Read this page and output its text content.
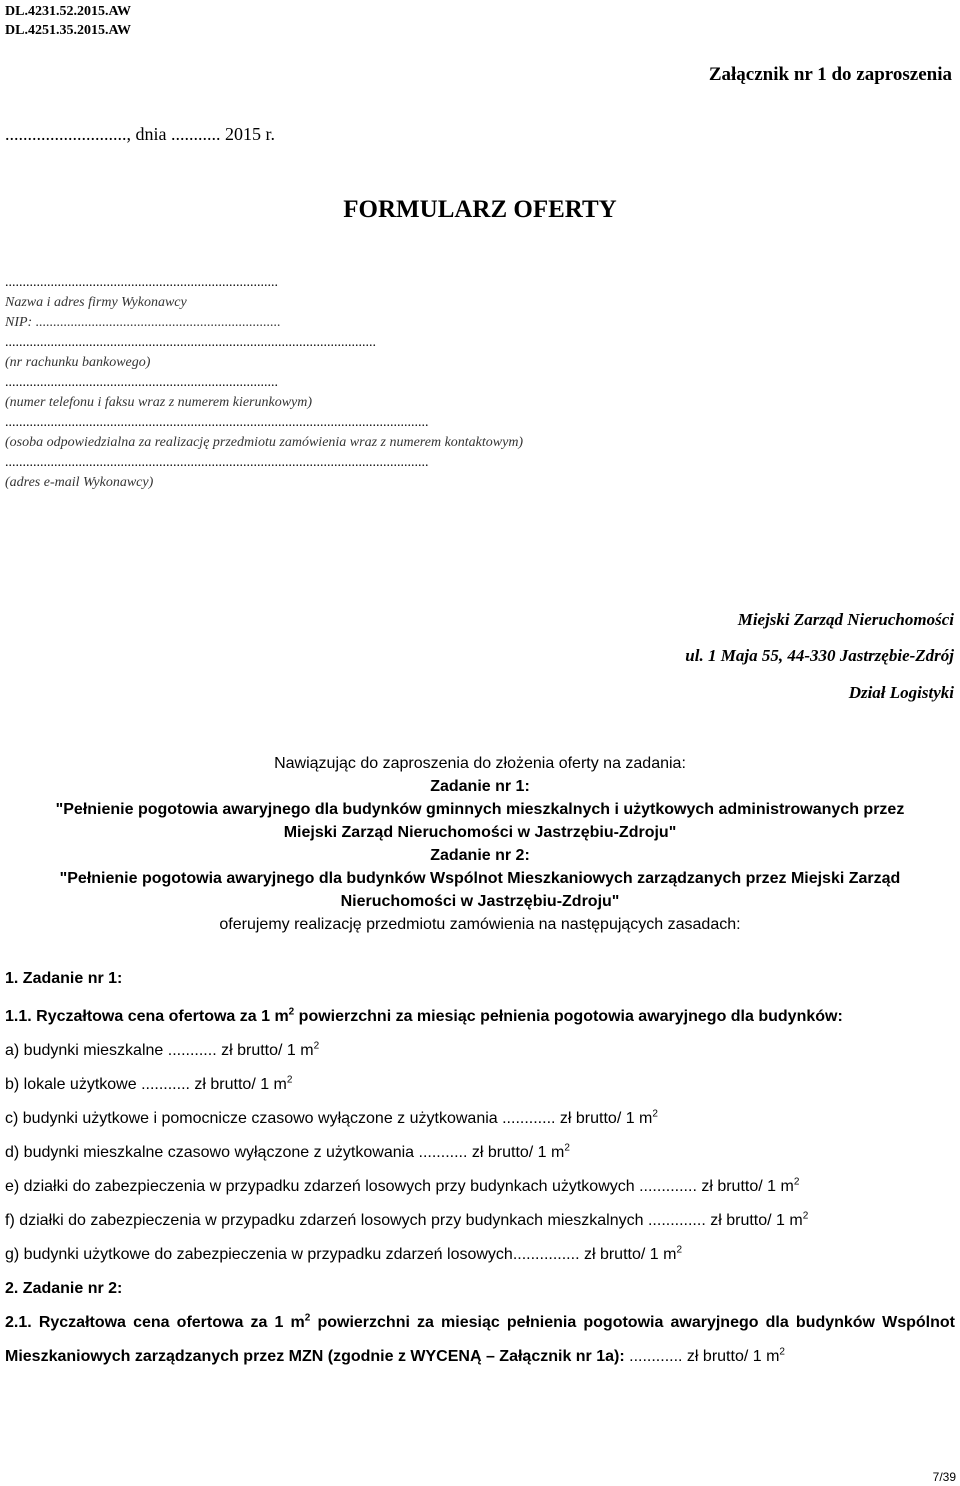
DL.4231.52.2015.AW
DL.4251.35.2015.AW
Załącznik nr 1 do zaproszenia
..........................., dnia ........... 2015 r.
FORMULARZ OFERTY
..............................................................................
Nazwa i adres firmy Wykonawcy
NIP: ......................................................................
..........................................................................................................
(nr rachunku bankowego)
..............................................................................
(numer telefonu i faksu wraz z numerem kierunkowym)
.........................................................................................................................
(osoba odpowiedzialna za realizację przedmiotu zamówienia wraz z numerem kontaktowym)
.........................................................................................................................
(adres e-mail Wykonawcy)
Miejski Zarząd Nieruchomości
ul. 1 Maja 55, 44-330 Jastrzębie-Zdrój
Dział Logistyki
Nawiązując do zaproszenia do złożenia oferty na zadania:
Zadanie nr 1:
"Pełnienie pogotowia awaryjnego dla budynków gminnych mieszkalnych i użytkowych administrowanych przez
Miejski Zarząd Nieruchomości w Jastrzębiu-Zdroju"
Zadanie nr 2:
"Pełnienie pogotowia awaryjnego dla budynków Wspólnot Mieszkaniowych zarządzanych przez Miejski Zarząd
Nieruchomości w Jastrzębiu-Zdroju"
oferujemy realizację przedmiotu zamówienia na następujących zasadach:
1. Zadanie nr 1:
1.1. Ryczałtowa cena ofertowa za 1 $m^2$ powierzchni za miesiąc pełnienia pogotowia awaryjnego dla budynków:
a) budynki mieszkalne ........... zł brutto/ 1 $m^2$
b) lokale użytkowe ........... zł brutto/ 1 $m^2$
c) budynki użytkowe i pomocnicze czasowo wyłączone z użytkowania ............ zł brutto/ 1 $m^2$
d) budynki mieszkalne czasowo wyłączone z użytkowania ........... zł brutto/ 1 $m^2$
e) działki do zabezpieczenia w przypadku zdarzeń losowych przy budynkach użytkowych ............. zł brutto/ 1 $m^2$
f) działki do zabezpieczenia w przypadku zdarzeń losowych przy budynkach mieszkalnych ............. zł brutto/ 1 $m^2$
g) budynki użytkowe do zabezpieczenia w przypadku zdarzeń losowych............... zł brutto/ 1 $m^2$
2. Zadanie nr 2:
2.1. Ryczałtowa cena ofertowa za 1 $m^2$ powierzchni za miesiąc pełnienia pogotowia awaryjnego dla budynków Wspólnot Mieszkaniowych zarządzanych przez MZN (zgodnie z WYCENĄ – Załącznik nr 1a): ............ zł brutto/ 1 $m^2$
7/39
